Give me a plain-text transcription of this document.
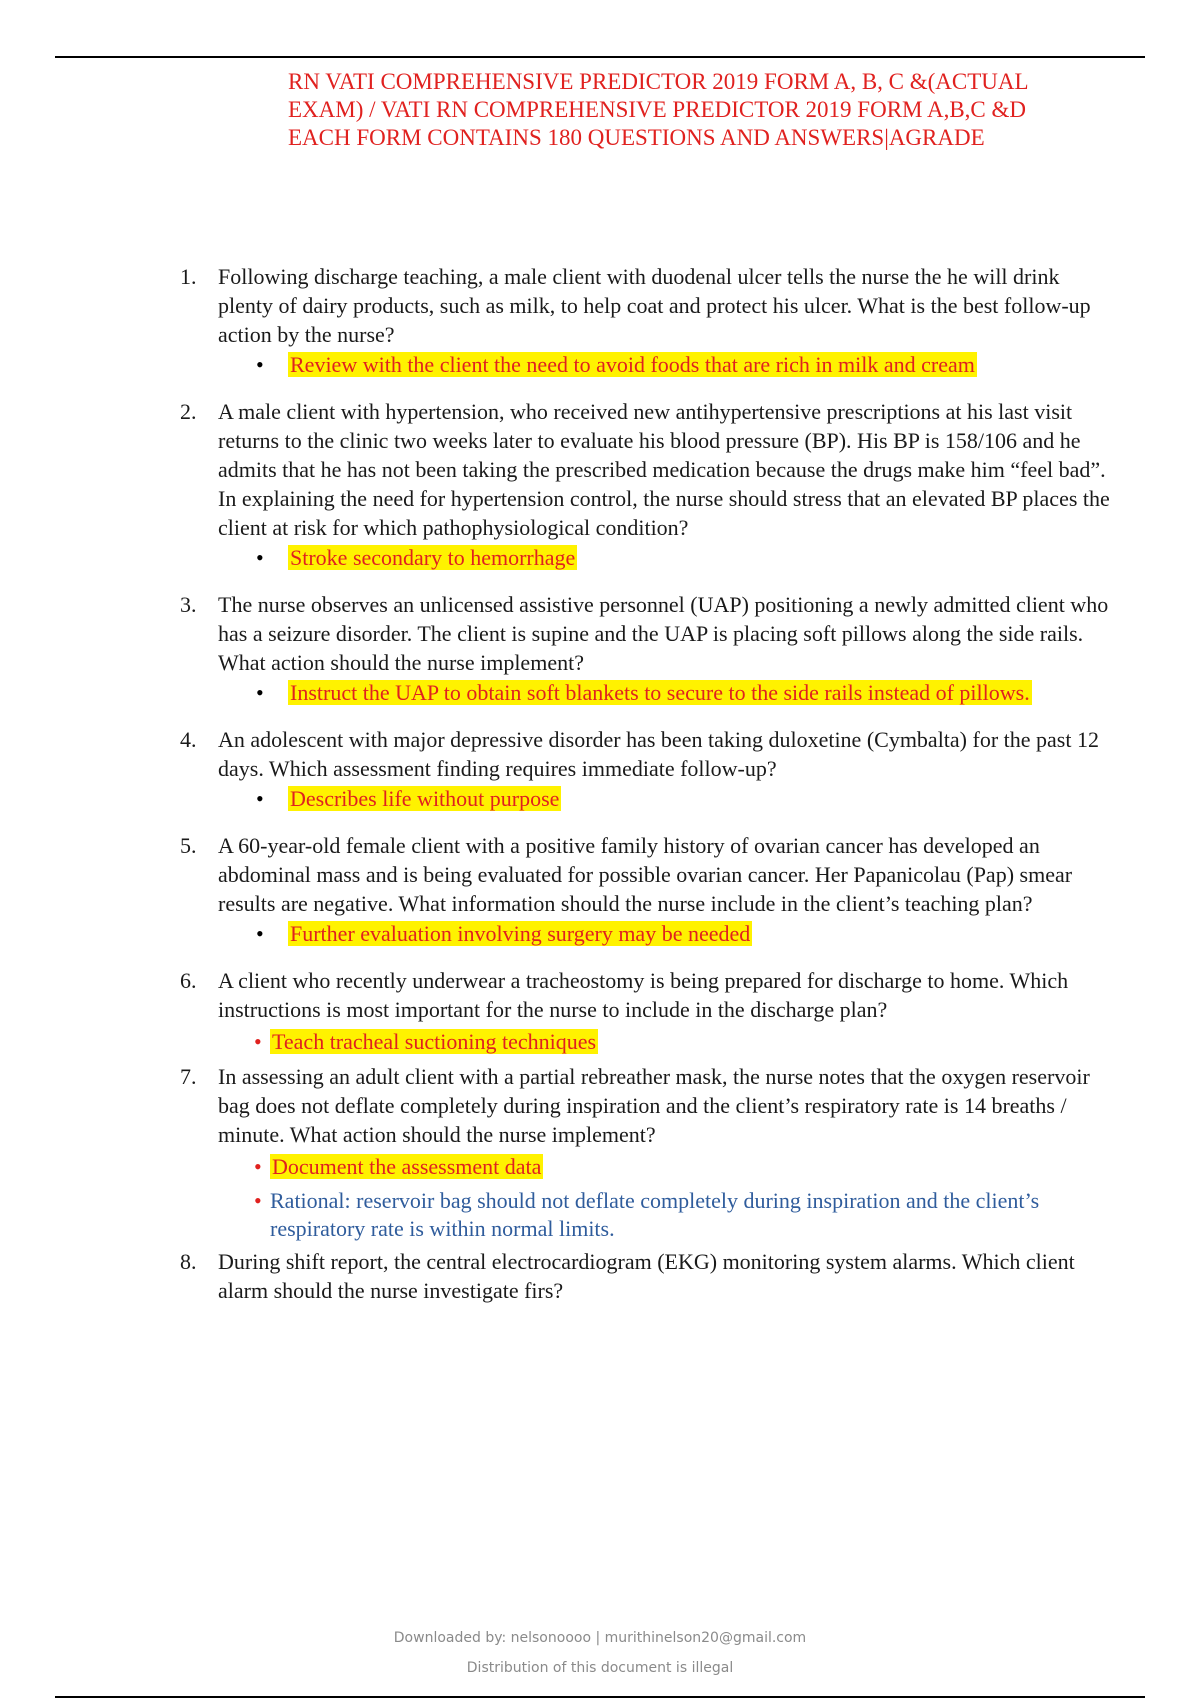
RN VATI COMPREHENSIVE PREDICTOR 2019 FORM A, B, C &(ACTUAL EXAM) / VATI RN COMPREHENSIVE PREDICTOR 2019 FORM A,B,C &D EACH FORM CONTAINS 180 QUESTIONS AND ANSWERS|AGRADE
1. Following discharge teaching, a male client with duodenal ulcer tells the nurse the he will drink plenty of dairy products, such as milk, to help coat and protect his ulcer. What is the best follow-up action by the nurse?
• Review with the client the need to avoid foods that are rich in milk and cream
2. A male client with hypertension, who received new antihypertensive prescriptions at his last visit returns to the clinic two weeks later to evaluate his blood pressure (BP). His BP is 158/106 and he admits that he has not been taking the prescribed medication because the drugs make him “feel bad”. In explaining the need for hypertension control, the nurse should stress that an elevated BP places the client at risk for which pathophysiological condition?
• Stroke secondary to hemorrhage
3. The nurse observes an unlicensed assistive personnel (UAP) positioning a newly admitted client who has a seizure disorder. The client is supine and the UAP is placing soft pillows along the side rails. What action should the nurse implement?
• Instruct the UAP to obtain soft blankets to secure to the side rails instead of pillows.
4. An adolescent with major depressive disorder has been taking duloxetine (Cymbalta) for the past 12 days. Which assessment finding requires immediate follow-up?
• Describes life without purpose
5. A 60-year-old female client with a positive family history of ovarian cancer has developed an abdominal mass and is being evaluated for possible ovarian cancer. Her Papanicolau (Pap) smear results are negative. What information should the nurse include in the client’s teaching plan?
• Further evaluation involving surgery may be needed
6. A client who recently underwear a tracheostomy is being prepared for discharge to home. Which instructions is most important for the nurse to include in the discharge plan?
• Teach tracheal suctioning techniques
7. In assessing an adult client with a partial rebreather mask, the nurse notes that the oxygen reservoir bag does not deflate completely during inspiration and the client’s respiratory rate is 14 breaths / minute. What action should the nurse implement?
• Document the assessment data
• Rational: reservoir bag should not deflate completely during inspiration and the client’s respiratory rate is within normal limits.
8. During shift report, the central electrocardiogram (EKG) monitoring system alarms. Which client alarm should the nurse investigate firs?
Downloaded by: nelsonoooo | murithinelson20@gmail.com
Distribution of this document is illegal
